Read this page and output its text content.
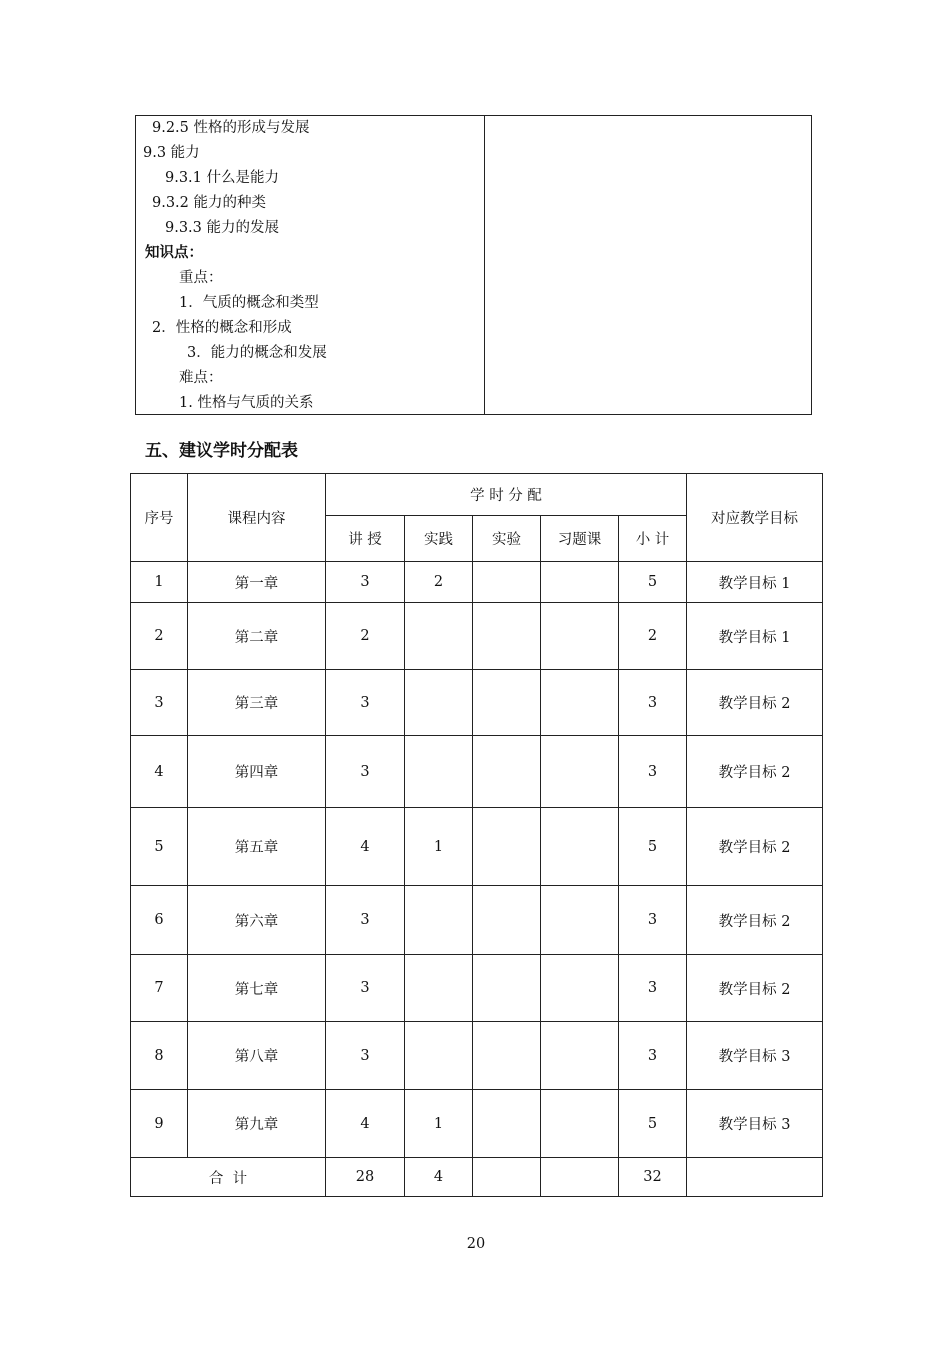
9.2.5 性格的形成与发展
9.3 能力
9.3.1 什么是能力
9.3.2 能力的种类
9.3.3 能力的发展
知识点：
重点：
1．气质的概念和类型
2．性格的概念和形成
3．能力的概念和发展
难点：
1. 性格与气质的关系
五、建议学时分配表
序号	课程内容	学 时 分 配					对应教学目标
		讲 授	实践	实验	习题课	小 计	
1	第一章	3	2			5	教学目标 1
2	第二章	2				2	教学目标 1
3	第三章	3				3	教学目标 2
4	第四章	3				3	教学目标 2
5	第五章	4	1			5	教学目标 2
6	第六章	3				3	教学目标 2
7	第七章	3				3	教学目标 2
8	第八章	3				3	教学目标 3
9	第九章	4	1			5	教学目标 3
合  计		28	4			32	
20
